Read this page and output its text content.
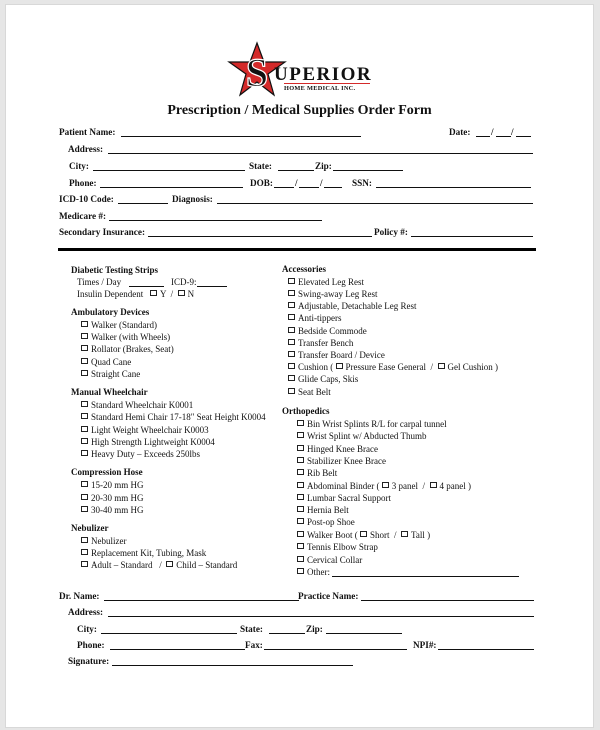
S UPERIOR
HOME MEDICAL INC.
Prescription / Medical Supplies Order Form
Patient Name:	Date: / /
Address:
City:	State:	Zip:
Phone:	DOB: / /	SSN:
ICD-10 Code:	Diagnosis:
Medicare #:
Secondary Insurance:	Policy #:
Diabetic Testing Strips
Times / Day	ICD-9:
Insulin Dependent Y / N
Ambulatory Devices
Walker (Standard)
Walker (with Wheels)
Rollator (Brakes, Seat)
Quad Cane
Straight Cane
Manual Wheelchair
Standard Wheelchair K0001
Standard Hemi Chair 17-18" Seat Height K0004
Light Weight Wheelchair K0003
High Strength Lightweight K0004
Heavy Duty – Exceeds 250lbs
Compression Hose
15-20 mm HG
20-30 mm HG
30-40 mm HG
Nebulizer
Nebulizer
Replacement Kit, Tubing, Mask
Adult – Standard / Child – Standard
Accessories
Elevated Leg Rest
Swing-away Leg Rest
Adjustable, Detachable Leg Rest
Anti-tippers
Bedside Commode
Transfer Bench
Transfer Board / Device
Cushion ( Pressure Ease General / Gel Cushion )
Glide Caps, Skis
Seat Belt
Orthopedics
Bin Wrist Splints R/L for carpal tunnel
Wrist Splint w/ Abducted Thumb
Hinged Knee Brace
Stabilizer Knee Brace
Rib Belt
Abdominal Binder ( 3 panel / 4 panel )
Lumbar Sacral Support
Hernia Belt
Post-op Shoe
Walker Boot ( Short / Tall )
Tennis Elbow Strap
Cervical Collar
Other:
Dr. Name:	Practice Name:
Address:
City:	State:	Zip:
Phone:	Fax:	NPI#:
Signature:
